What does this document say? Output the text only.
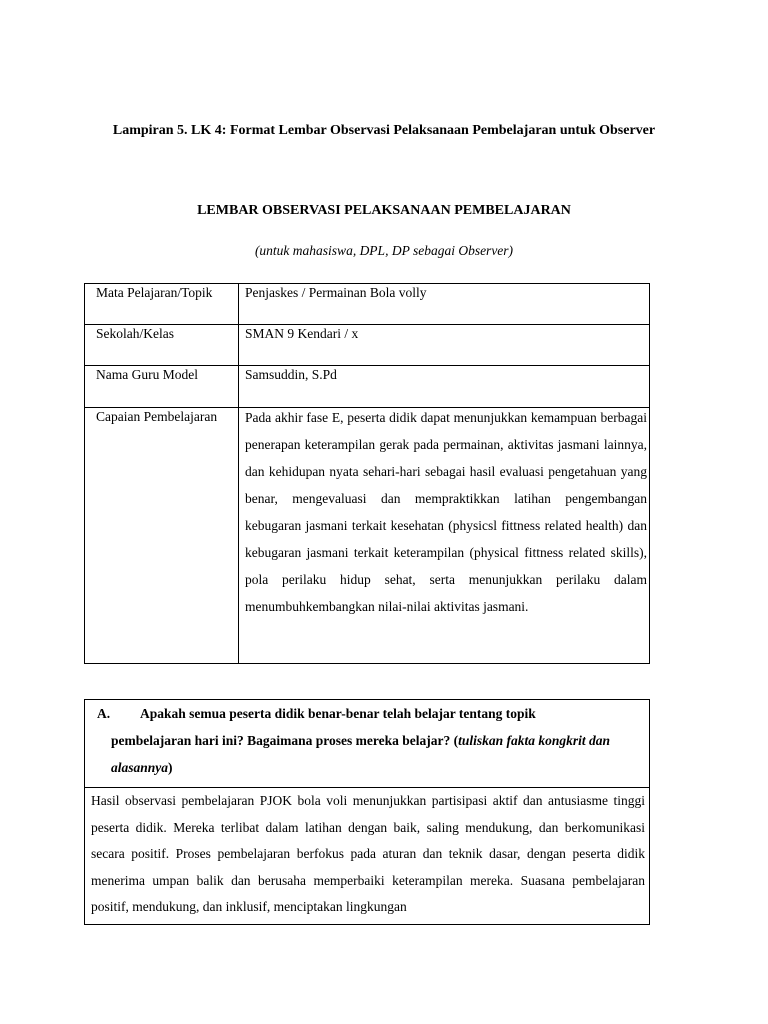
Lampiran 5. LK 4: Format Lembar Observasi Pelaksanaan Pembelajaran untuk Observer
LEMBAR OBSERVASI PELAKSANAAN PEMBELAJARAN
(untuk mahasiswa, DPL, DP sebagai Observer)
Mata Pelajaran/Topik	Penjaskes / Permainan Bola volly
Sekolah/Kelas	SMAN 9 Kendari / x
Nama Guru Model	Samsuddin, S.Pd
Capaian Pembelajaran	Pada akhir fase E, peserta didik dapat menunjukkan kemampuan berbagai penerapan keterampilan gerak pada permainan, aktivitas jasmani lainnya, dan kehidupan nyata sehari-hari sebagai hasil evaluasi pengetahuan yang benar, mengevaluasi dan mempraktikkan latihan pengembangan kebugaran jasmani terkait kesehatan (physicsl fittness related health) dan kebugaran jasmani terkait keterampilan (physical fittness related skills), pola perilaku hidup sehat, serta menunjukkan perilaku dalam menumbuhkembangkan nilai-nilai aktivitas jasmani.
A.	Apakah semua peserta didik benar-benar telah belajar tentang topik
pembelajaran hari ini? Bagaimana proses mereka belajar? (tuliskan fakta kongkrit dan alasannya)
Hasil observasi pembelajaran PJOK bola voli menunjukkan partisipasi aktif dan antusiasme tinggi peserta didik. Mereka terlibat dalam latihan dengan baik, saling mendukung, dan berkomunikasi secara positif. Proses pembelajaran berfokus pada aturan dan teknik dasar, dengan peserta didik menerima umpan balik dan berusaha memperbaiki keterampilan mereka. Suasana pembelajaran positif, mendukung, dan inklusif, menciptakan lingkungan
